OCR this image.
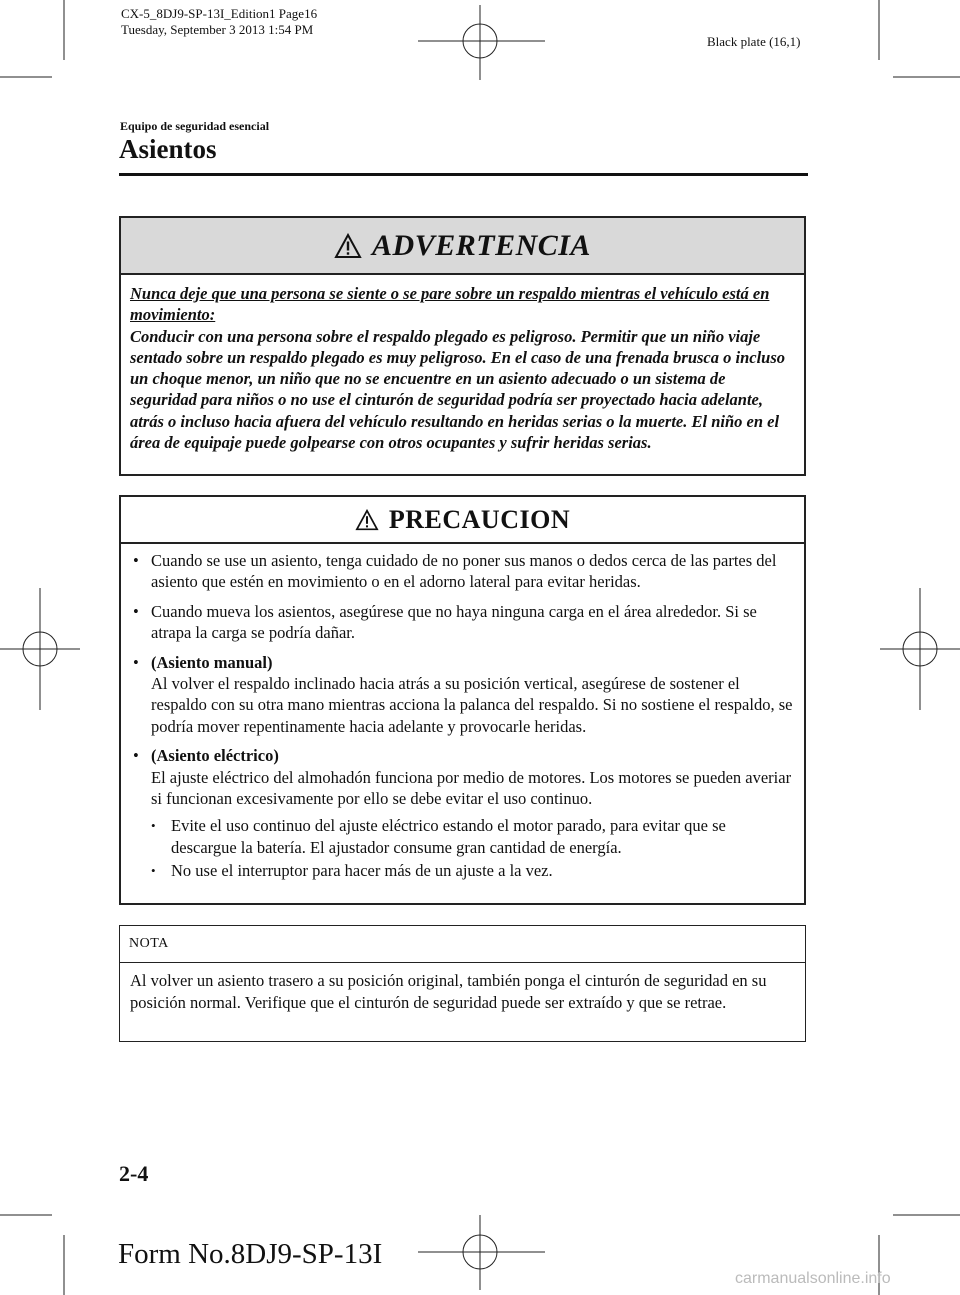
CX-5_8DJ9-SP-13I_Edition1 Page16
Tuesday, September 3 2013 1:54 PM
Black plate (16,1)
Equipo de seguridad esencial
Asientos
ADVERTENCIA
Nunca deje que una persona se siente o se pare sobre un respaldo mientras el vehículo está en movimiento:
Conducir con una persona sobre el respaldo plegado es peligroso. Permitir que un niño viaje sentado sobre un respaldo plegado es muy peligroso. En el caso de una frenada brusca o incluso un choque menor, un niño que no se encuentre en un asiento adecuado o un sistema de seguridad para niños o no use el cinturón de seguridad podría ser proyectado hacia adelante, atrás o incluso hacia afuera del vehículo resultando en heridas serias o la muerte. El niño en el área de equipaje puede golpearse con otros ocupantes y sufrir heridas serias.
PRECAUCION
• Cuando se use un asiento, tenga cuidado de no poner sus manos o dedos cerca de las partes del asiento que estén en movimiento o en el adorno lateral para evitar heridas.
• Cuando mueva los asientos, asegúrese que no haya ninguna carga en el área alrededor. Si se atrapa la carga se podría dañar.
• (Asiento manual)
Al volver el respaldo inclinado hacia atrás a su posición vertical, asegúrese de sostener el respaldo con su otra mano mientras acciona la palanca del respaldo. Si no sostiene el respaldo, se podría mover repentinamente hacia adelante y provocarle heridas.
• (Asiento eléctrico)
El ajuste eléctrico del almohadón funciona por medio de motores. Los motores se pueden averiar si funcionan excesivamente por ello se debe evitar el uso continuo.
• Evite el uso continuo del ajuste eléctrico estando el motor parado, para evitar que se descargue la batería. El ajustador consume gran cantidad de energía.
• No use el interruptor para hacer más de un ajuste a la vez.
NOTA
Al volver un asiento trasero a su posición original, también ponga el cinturón de seguridad en su posición normal. Verifique que el cinturón de seguridad puede ser extraído y que se retrae.
2-4
Form No.8DJ9-SP-13I
carmanualsonline.info
